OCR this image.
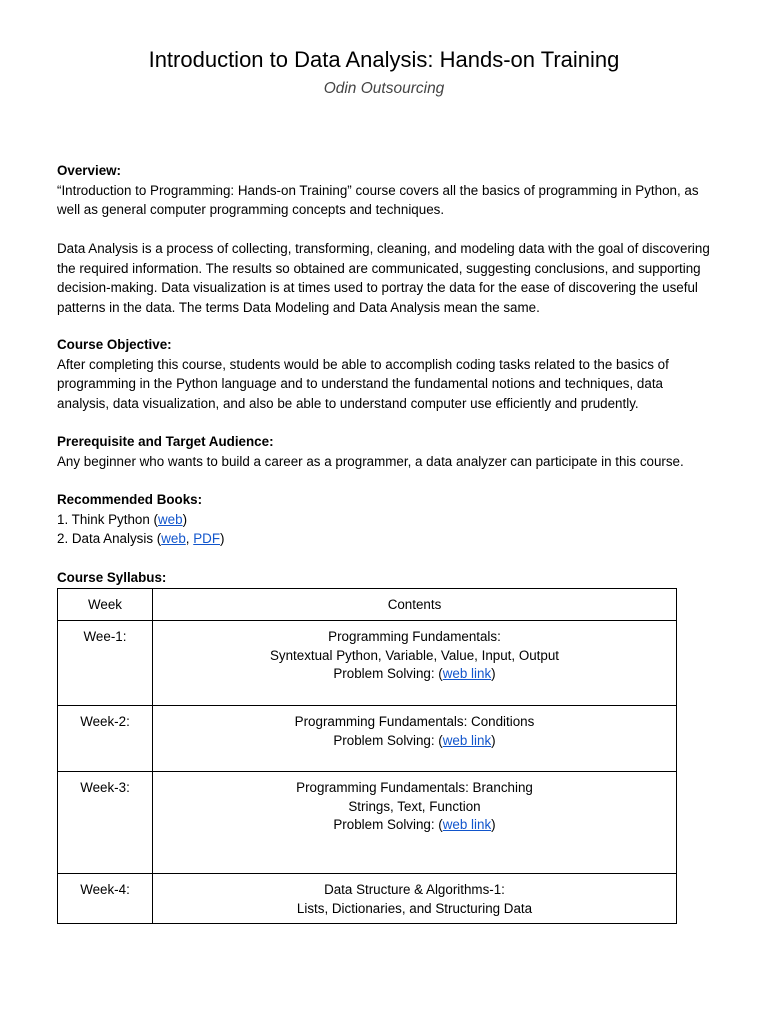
Introduction to Data Analysis: Hands-on Training
Odin Outsourcing
Overview:
“Introduction to Programming: Hands-on Training” course covers all the basics of programming in Python, as well as general computer programming concepts and techniques.
Data Analysis is a process of collecting, transforming, cleaning, and modeling data with the goal of discovering the required information. The results so obtained are communicated, suggesting conclusions, and supporting decision-making. Data visualization is at times used to portray the data for the ease of discovering the useful patterns in the data. The terms Data Modeling and Data Analysis mean the same.
Course Objective:
After completing this course, students would be able to accomplish coding tasks related to the basics of programming in the Python language and to understand the fundamental notions and techniques, data analysis, data visualization, and also be able to understand computer use efficiently and prudently.
Prerequisite and Target Audience:
Any beginner who wants to build a career as a programmer, a data analyzer can participate in this course.
Recommended Books:
1. Think Python (web)
2. Data Analysis (web, PDF)
Course Syllabus:
Week	Contents
Wee-1:	Programming Fundamentals:
Syntextual Python, Variable, Value, Input, Output
Problem Solving: (web link)

Week-2:	Programming Fundamentals: Conditions
Problem Solving: (web link)

Week-3:	Programming Fundamentals: Branching
Strings, Text, Function
Problem Solving: (web link)

Week-4:	Data Structure & Algorithms-1:
Lists, Dictionaries, and Structuring Data
